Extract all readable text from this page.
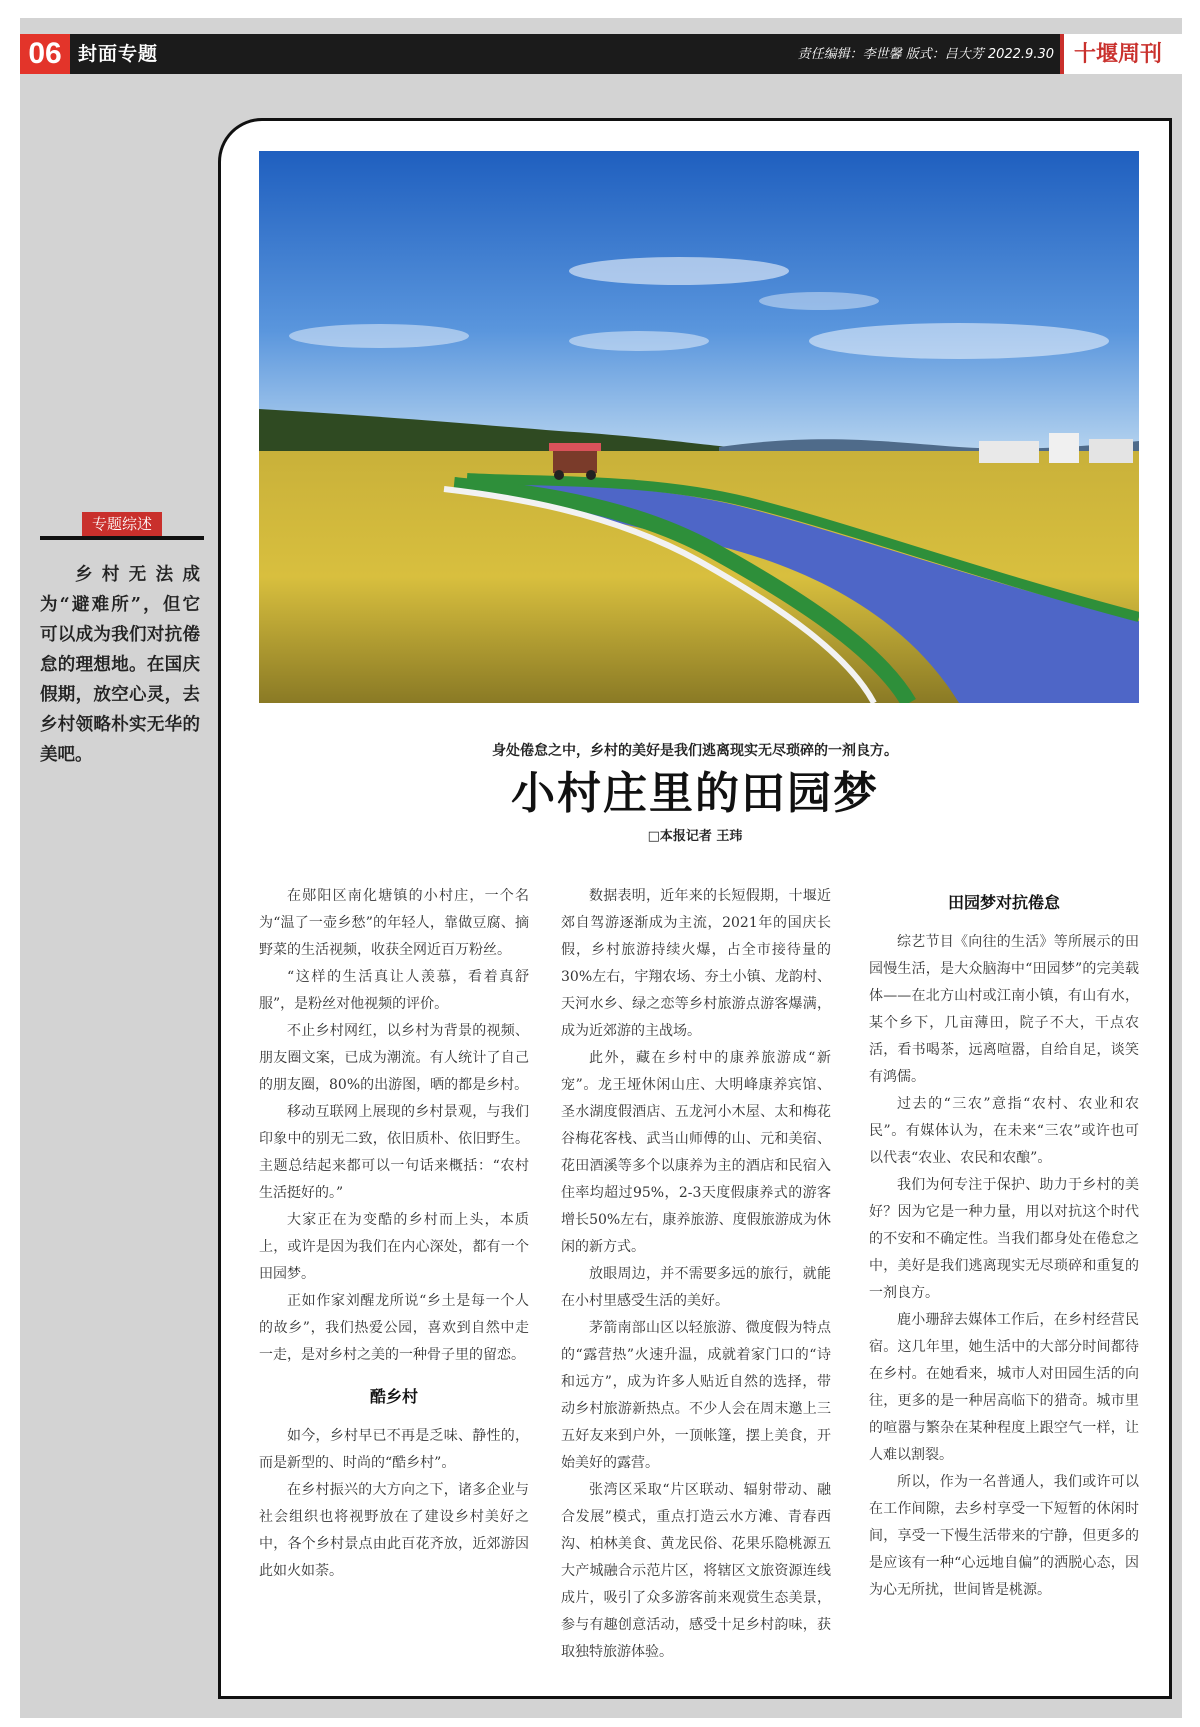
06 封面专题	责任编辑：李世馨 版式：吕大芳 2022.9.30 十堰周刊
专题综述
乡村无法成为“避难所”，但它可以成为我们对抗倦怠的理想地。在国庆假期，放空心灵，去乡村领略朴实无华的美吧。	身处倦怠之中，乡村的美好是我们逃离现实无尽琐碎的一剂良方。
小村庄里的田园梦
□本报记者 王玮

在郧阳区南化塘镇的小村庄，一个名为“温了一壶乡愁”的年轻人，靠做豆腐、摘野菜的生活视频，收获全网近百万粉丝。

“这样的生活真让人羡慕，看着真舒服”，是粉丝对他视频的评价。

不止乡村网红，以乡村为背景的视频、朋友圈文案，已成为潮流。有人统计了自己的朋友圈，80%的出游图，晒的都是乡村。

移动互联网上展现的乡村景观，与我们印象中的别无二致，依旧质朴、依旧野生。主题总结起来都可以一句话来概括：“农村生活挺好的。”

大家正在为变酷的乡村而上头，本质上，或许是因为我们在内心深处，都有一个田园梦。

正如作家刘醒龙所说“乡土是每一个人的故乡”，我们热爱公园，喜欢到自然中走一走，是对乡村之美的一种骨子里的留恋。

酷乡村

如今，乡村早已不再是乏味、静性的，而是新型的、时尚的“酷乡村”。

在乡村振兴的大方向之下，诸多企业与社会组织也将视野放在了建设乡村美好之中，各个乡村景点由此百花齐放，近郊游因此如火如荼。

数据表明，近年来的长短假期，十堰近郊自驾游逐渐成为主流，2021年的国庆长假，乡村旅游持续火爆，占全市接待量的30%左右，宇翔农场、夯土小镇、龙韵村、天河水乡、绿之恋等乡村旅游点游客爆满，成为近郊游的主战场。

此外，藏在乡村中的康养旅游成“新宠”。龙王垭休闲山庄、大明峰康养宾馆、圣水湖度假酒店、五龙河小木屋、太和梅花谷梅花客栈、武当山师傅的山、元和美宿、花田酒溪等多个以康养为主的酒店和民宿入住率均超过95%，2-3天度假康养式的游客增长50%左右，康养旅游、度假旅游成为休闲的新方式。

放眼周边，并不需要多远的旅行，就能在小村里感受生活的美好。

茅箭南部山区以轻旅游、微度假为特点的“露营热”火速升温，成就着家门口的“诗和远方”，成为许多人贴近自然的选择，带动乡村旅游新热点。不少人会在周末邀上三五好友来到户外，一顶帐篷，摆上美食，开始美好的露营。

张湾区采取“片区联动、辐射带动、融合发展”模式，重点打造云水方滩、青春西沟、柏林美食、黄龙民俗、花果乐隐桃源五大产城融合示范片区，将辖区文旅资源连线成片，吸引了众多游客前来观赏生态美景，参与有趣创意活动，感受十足乡村韵味，获取独特旅游体验。

田园梦对抗倦怠

综艺节目《向往的生活》等所展示的田园慢生活，是大众脑海中“田园梦”的完美载体——在北方山村或江南小镇，有山有水，某个乡下，几亩薄田，院子不大，干点农活，看书喝茶，远离喧嚣，自给自足，谈笑有鸿儒。

过去的“三农”意指“农村、农业和农民”。有媒体认为，在未来“三农”或许也可以代表“农业、农民和农酿”。

我们为何专注于保护、助力于乡村的美好？因为它是一种力量，用以对抗这个时代的不安和不确定性。当我们都身处在倦怠之中，美好是我们逃离现实无尽琐碎和重复的一剂良方。

鹿小珊辞去媒体工作后，在乡村经营民宿。这几年里，她生活中的大部分时间都待在乡村。在她看来，城市人对田园生活的向往，更多的是一种居高临下的猎奇。城市里的喧嚣与繁杂在某种程度上跟空气一样，让人难以割裂。

所以，作为一名普通人，我们或许可以在工作间隙，去乡村享受一下短暂的休闲时间，享受一下慢生活带来的宁静，但更多的是应该有一种“心远地自偏”的洒脱心态，因为心无所扰，世间皆是桃源。
